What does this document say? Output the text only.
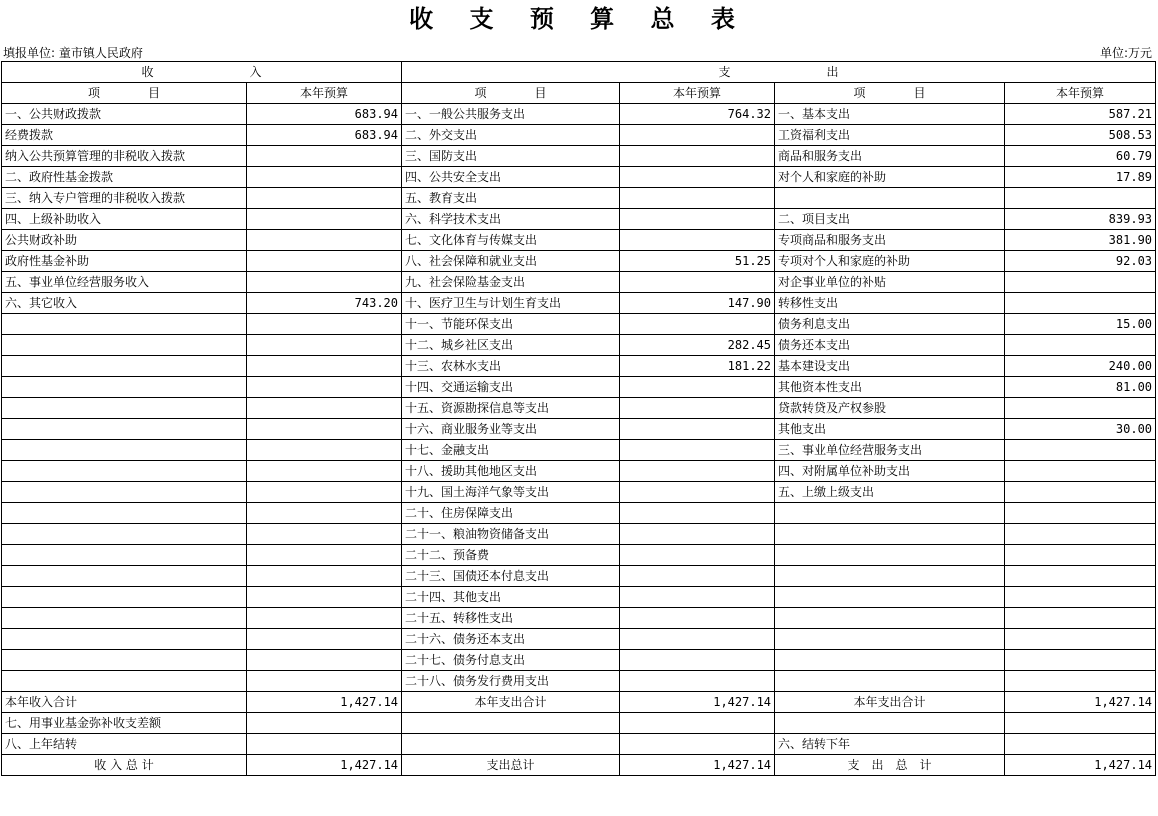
收 支 预 算 总 表
填报单位: 童市镇人民政府	单位:万元
收　　　　　　　　入		支　　　　　　　　出			
项　　　　目	本年预算	项　　　　目	本年预算	项　　　　目	本年预算
一、公共财政拨款	683.94	一、一般公共服务支出	764.32	一、基本支出	587.21
经费拨款	683.94	二、外交支出		工资福利支出	508.53
纳入公共预算管理的非税收入拨款		三、国防支出		商品和服务支出	60.79
二、政府性基金拨款		四、公共安全支出		对个人和家庭的补助	17.89
三、纳入专户管理的非税收入拨款		五、教育支出			
四、上级补助收入		六、科学技术支出		二、项目支出	839.93
公共财政补助		七、文化体育与传媒支出		专项商品和服务支出	381.90
政府性基金补助		八、社会保障和就业支出	51.25	专项对个人和家庭的补助	92.03
五、事业单位经营服务收入		九、社会保险基金支出		对企事业单位的补贴	
六、其它收入	743.20	十、医疗卫生与计划生育支出	147.90	转移性支出	
		十一、节能环保支出		债务利息支出	15.00
		十二、城乡社区支出	282.45	债务还本支出	
		十三、农林水支出	181.22	基本建设支出	240.00
		十四、交通运输支出		其他资本性支出	81.00
		十五、资源勘探信息等支出		贷款转贷及产权参股	
		十六、商业服务业等支出		其他支出	30.00
		十七、金融支出		三、事业单位经营服务支出	
		十八、援助其他地区支出		四、对附属单位补助支出	
		十九、国土海洋气象等支出		五、上缴上级支出	
		二十、住房保障支出			
		二十一、粮油物资储备支出			
		二十二、预备费			
		二十三、国债还本付息支出			
		二十四、其他支出			
		二十五、转移性支出			
		二十六、债务还本支出			
		二十七、债务付息支出			
		二十八、债务发行费用支出			
本年收入合计	1,427.14	本年支出合计	1,427.14	本年支出合计	1,427.14
七、用事业基金弥补收支差额					
八、上年结转				六、结转下年	
收 入 总 计	1,427.14	支出总计	1,427.14	支　出　总　计	1,427.14
